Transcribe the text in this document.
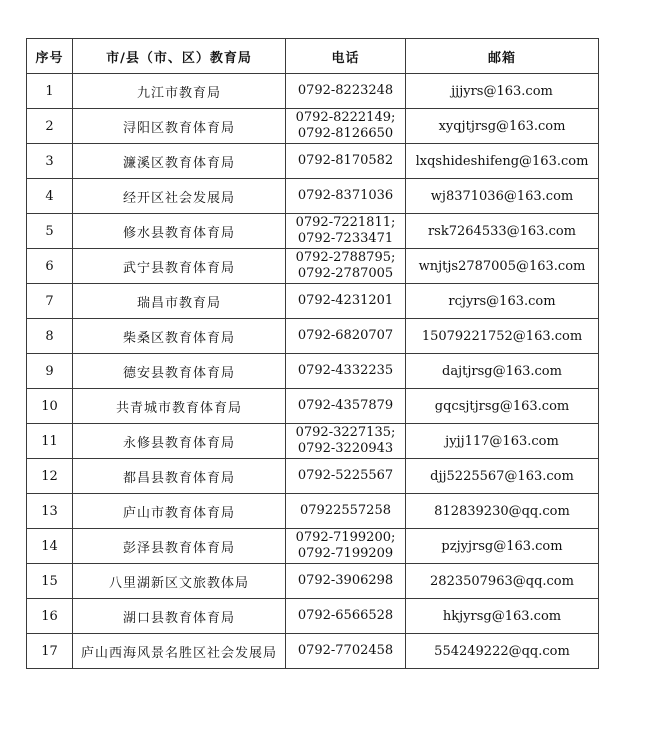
序号	市/县（市、区）教育局	电话	邮箱
1	九江市教育局	0792-8223248	jjjyrs@163.com
2	浔阳区教育体育局	0792-8222149;
0792-8126650	xyqjtjrsg@163.com
3	濂溪区教育体育局	0792-8170582	lxqshideshifeng@163.com
4	经开区社会发展局	0792-8371036	wj8371036@163.com
5	修水县教育体育局	0792-7221811;
0792-7233471	rsk7264533@163.com
6	武宁县教育体育局	0792-2788795;
0792-2787005	wnjtjs2787005@163.com
7	瑞昌市教育局	0792-4231201	rcjyrs@163.com
8	柴桑区教育体育局	0792-6820707	15079221752@163.com
9	德安县教育体育局	0792-4332235	dajtjrsg@163.com
10	共青城市教育体育局	0792-4357879	gqcsjtjrsg@163.com
11	永修县教育体育局	0792-3227135;
0792-3220943	jyjj117@163.com
12	都昌县教育体育局	0792-5225567	djj5225567@163.com
13	庐山市教育体育局	07922557258	812839230@qq.com
14	彭泽县教育体育局	0792-7199200;
0792-7199209	pzjyjrsg@163.com
15	八里湖新区文旅教体局	0792-3906298	2823507963@qq.com
16	湖口县教育体育局	0792-6566528	hkjyrsg@163.com
17	庐山西海风景名胜区社会发展局	0792-7702458	554249222@qq.com
